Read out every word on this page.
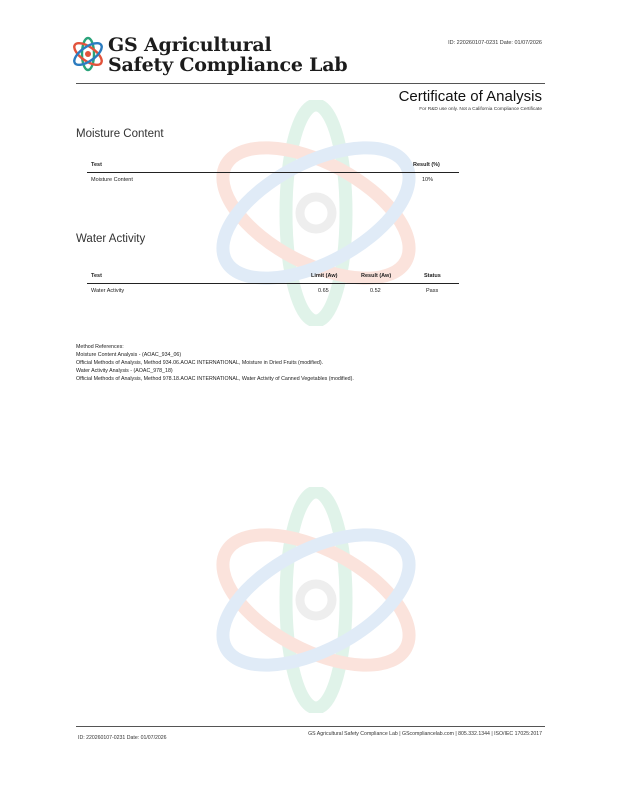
GS Agricultural
Safety Compliance Lab
ID: 220260107-0231 Date: 01/07/2026
Certificate of Analysis
For R&D use only. Not a California Compliance Certificate
Moisture Content
Test	Result (%)
Moisture Content	10%
Water Activity
Test	Limit (Aw)	Result (Aw)	Status
Water Activity	0.65	0.52	Pass
Method References:
Moisture Content Analysis - (AOAC_934_06)
Official Methods of Analysis, Method 934.06.AOAC INTERNATIONAL, Moisture in Dried Fruits (modified).
Water Activity Analysis - (AOAC_978_18)
Official Methods of Analysis, Method 978.18.AOAC INTERNATIONAL, Water Activity of Canned Vegetables (modified).
ID: 220260107-0231 Date: 01/07/2026
GS Agricultural Safety Compliance Lab | GScompliancelab.com | 805.332.1344 | ISO/IEC 17025:2017
